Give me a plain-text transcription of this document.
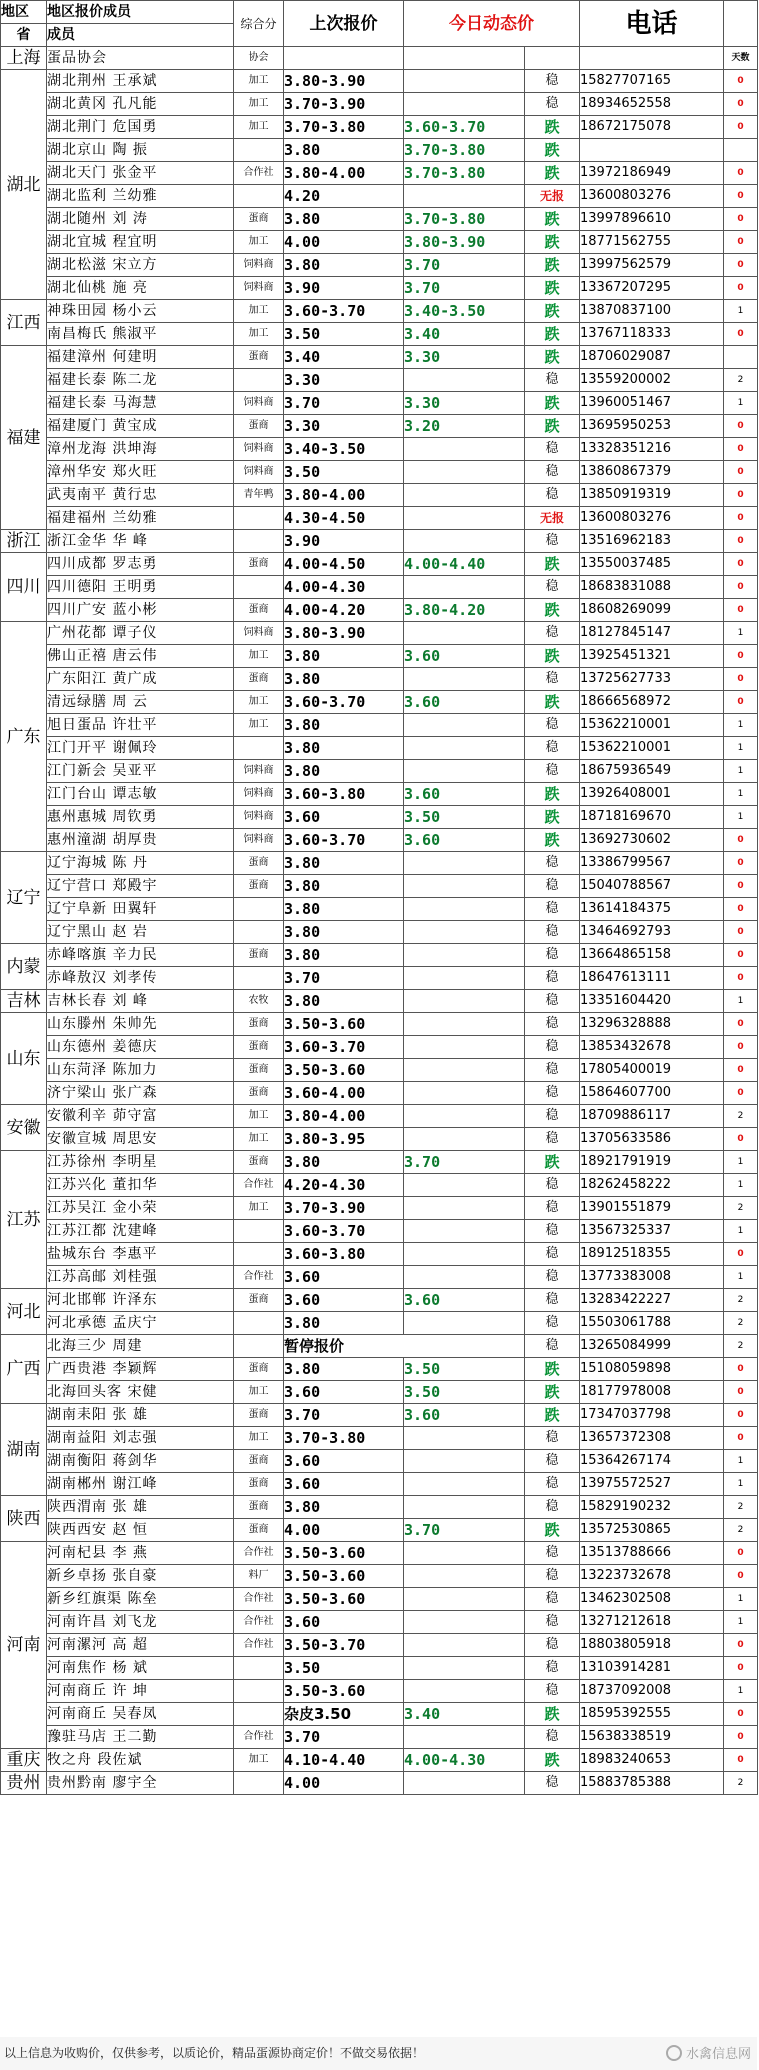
地区	地区报价成员	综合分	上次报价	今日动态价		电话	
省	成员						
上海	蛋品协会	协会					天数
湖北	湖北荆州 王承斌	加工	3.80-3.90		稳	15827707165	0
	湖北黄冈 孔凡能	加工	3.70-3.90		稳	18934652558	0
	湖北荆门 危国勇	加工	3.70-3.80	3.60-3.70	跌	18672175078	0
	湖北京山 陶 振		3.80	3.70-3.80	跌		
	湖北天门 张金平	合作社	3.80-4.00	3.70-3.80	跌	13972186949	0
	湖北监利 兰幼雅		4.20		无报	13600803276	0
	湖北随州 刘 涛	蛋商	3.80	3.70-3.80	跌	13997896610	0
	湖北宜城 程宜明	加工	4.00	3.80-3.90	跌	18771562755	0
	湖北松滋 宋立方	饲料商	3.80	3.70	跌	13997562579	0
	湖北仙桃 施 亮	饲料商	3.90	3.70	跌	13367207295	0
江西	神珠田园 杨小云	加工	3.60-3.70	3.40-3.50	跌	13870837100	1
	南昌梅氏 熊淑平	加工	3.50	3.40	跌	13767118333	0
福建	福建漳州 何建明	蛋商	3.40	3.30	跌	18706029087	
	福建长泰 陈二龙		3.30		稳	13559200002	2
	福建长泰 马海慧	饲料商	3.70	3.30	跌	13960051467	1
	福建厦门 黄宝成	蛋商	3.30	3.20	跌	13695950253	0
	漳州龙海 洪坤海	饲料商	3.40-3.50		稳	13328351216	0
	漳州华安 郑火旺	饲料商	3.50		稳	13860867379	0
	武夷南平 黄行忠	青年鸭	3.80-4.00		稳	13850919319	0
	福建福州 兰幼雅		4.30-4.50		无报	13600803276	0
浙江	浙江金华 华 峰		3.90		稳	13516962183	0
四川	四川成都 罗志勇	蛋商	4.00-4.50	4.00-4.40	跌	13550037485	0
	四川德阳 王明勇		4.00-4.30		稳	18683831088	0
	四川广安 蓝小彬	蛋商	4.00-4.20	3.80-4.20	跌	18608269099	0
广东	广州花都 谭子仪	饲料商	3.80-3.90		稳	18127845147	1
	佛山正禧 唐云伟	加工	3.80	3.60	跌	13925451321	0
	广东阳江 黄广成	蛋商	3.80		稳	13725627733	0
	清远绿膳 周 云	加工	3.60-3.70	3.60	跌	18666568972	0
	旭日蛋品 许壮平	加工	3.80		稳	15362210001	1
	江门开平 谢佩玲		3.80		稳	15362210001	1
	江门新会 吴亚平	饲料商	3.80		稳	18675936549	1
	江门台山 谭志敏	饲料商	3.60-3.80	3.60	跌	13926408001	1
	惠州惠城 周钦勇	饲料商	3.60	3.50	跌	18718169670	1
	惠州潼湖 胡厚贵	饲料商	3.60-3.70	3.60	跌	13692730602	0
辽宁	辽宁海城 陈 丹	蛋商	3.80		稳	13386799567	0
	辽宁营口 郑殿宇	蛋商	3.80		稳	15040788567	0
	辽宁阜新 田翼轩		3.80		稳	13614184375	0
	辽宁黑山 赵 岩		3.80		稳	13464692793	0
内蒙	赤峰喀旗 辛力民	蛋商	3.80		稳	13664865158	0
	赤峰敖汉 刘孝传		3.70		稳	18647613111	0
吉林	吉林长春 刘 峰	农牧	3.80		稳	13351604420	1
山东	山东滕州 朱帅先	蛋商	3.50-3.60		稳	13296328888	0
	山东德州 姜德庆	蛋商	3.60-3.70		稳	13853432678	0
	山东菏泽 陈加力	蛋商	3.50-3.60		稳	17805400019	0
	济宁梁山 张广森	蛋商	3.60-4.00		稳	15864607700	0
安徽	安徽利辛 茆守富	加工	3.80-4.00		稳	18709886117	2
	安徽宣城 周思安	加工	3.80-3.95		稳	13705633586	0
江苏	江苏徐州 李明星	蛋商	3.80	3.70	跌	18921791919	1
	江苏兴化 董扣华	合作社	4.20-4.30		稳	18262458222	1
	江苏吴江 金小荣	加工	3.70-3.90		稳	13901551879	2
	江苏江都 沈建峰		3.60-3.70		稳	13567325337	1
	盐城东台 李惠平		3.60-3.80		稳	18912518355	0
	江苏高邮 刘桂强	合作社	3.60		稳	13773383008	1
河北	河北邯郸 许泽东	蛋商	3.60	3.60	稳	13283422227	2
	河北承德 孟庆宁		3.80		稳	15503061788	2
广西	北海三少 周建		暂停报价		稳	13265084999	2
	广西贵港 李颖辉	蛋商	3.80	3.50	跌	15108059898	0
	北海回头客 宋健	加工	3.60	3.50	跌	18177978008	0
湖南	湖南耒阳 张 雄	蛋商	3.70	3.60	跌	17347037798	0
	湖南益阳 刘志强	加工	3.70-3.80		稳	13657372308	0
	湖南衡阳 蒋剑华	蛋商	3.60		稳	15364267174	1
	湖南郴州 谢江峰	蛋商	3.60		稳	13975572527	1
陕西	陕西渭南 张 雄	蛋商	3.80		稳	15829190232	2
	陕西西安 赵 恒	蛋商	4.00	3.70	跌	13572530865	2
河南	河南杞县 李 燕	合作社	3.50-3.60		稳	13513788666	0
	新乡卓扬 张自豪	料厂	3.50-3.60		稳	13223732678	0
	新乡红旗渠 陈垒	合作社	3.50-3.60		稳	13462302508	1
	河南许昌 刘飞龙	合作社	3.60		稳	13271212618	1
	河南漯河 高 超	合作社	3.50-3.70		稳	18803805918	0
	河南焦作 杨 斌		3.50		稳	13103914281	0
	河南商丘 许 坤		3.50-3.60		稳	18737092008	1
	河南商丘 吴春凤		杂皮3.50	3.40	跌	18595392555	0
	豫驻马店 王二勤	合作社	3.70		稳	15638338519	0
重庆	牧之舟 段佐斌	加工	4.10-4.40	4.00-4.30	跌	18983240653	0
贵州	贵州黔南 廖宇全		4.00		稳	15883785388	2
以上信息为收购价，仅供参考，以质论价，精品蛋源协商定价！不做交易依据！	水禽信息网
